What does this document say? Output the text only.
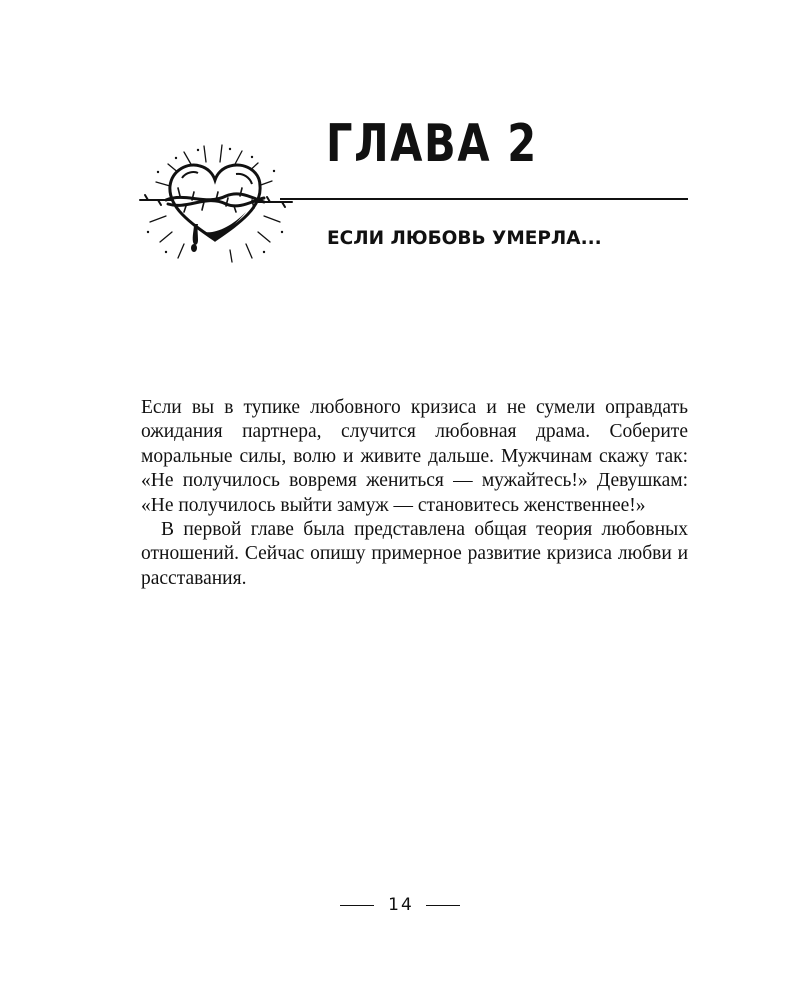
ГЛАВА 2
ЕСЛИ ЛЮБОВЬ УМЕРЛА...

Если вы в тупике любовного кризиса и не сумели оправдать ожидания партнера, случится любовная драма. Соберите моральные силы, волю и живите дальше. Мужчинам скажу так: «Не получилось вовремя жениться — мужайтесь!» Девушкам: «Не получилось выйти замуж — становитесь женственнее!»

В первой главе была представлена общая теория любовных отношений. Сейчас опишу примерное развитие кризиса любви и расставания.

14
